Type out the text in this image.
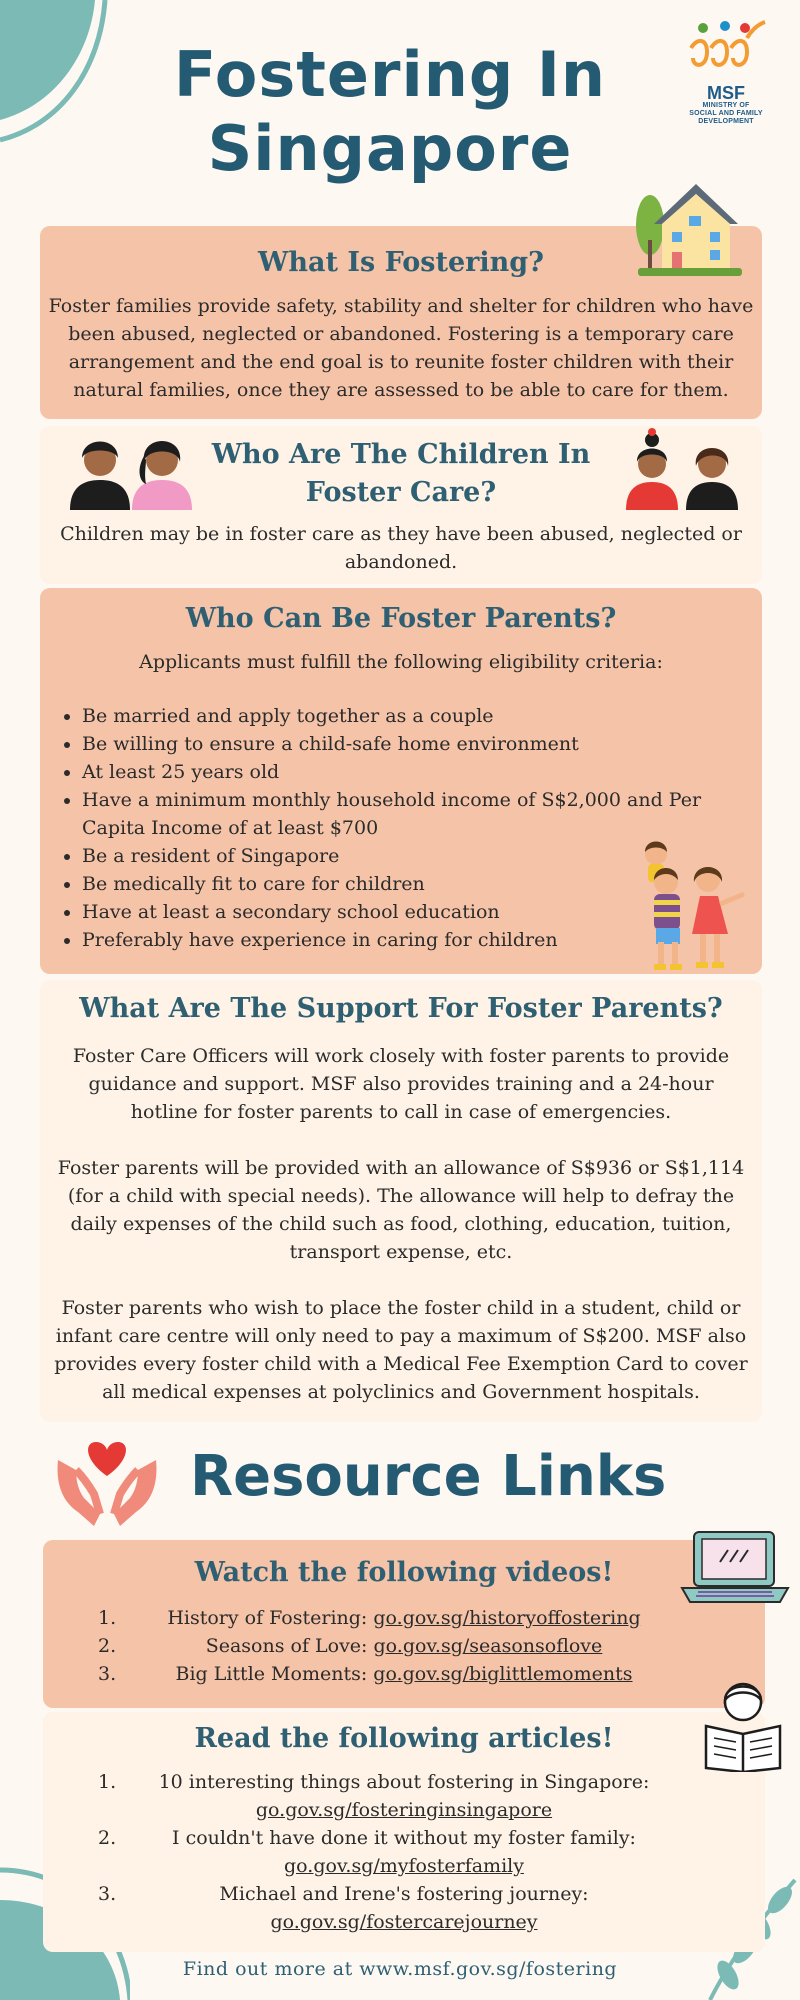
Fostering In
Singapore
MSF
MINISTRY OF
SOCIAL AND FAMILY
DEVELOPMENT
What Is Fostering?

Foster families provide safety, stability and shelter for children who have been abused, neglected or abandoned. Fostering is a temporary care arrangement and the end goal is to reunite foster children with their natural families, once they are assessed to be able to care for them.

Who Are The Children In Foster Care?

Children may be in foster care as they have been abused, neglected or abandoned.

Who Can Be Foster Parents?

Applicants must fulfill the following eligibility criteria:

• Be married and apply together as a couple
• Be willing to ensure a child-safe home environment
• At least 25 years old
• Have a minimum monthly household income of S$2,000 and Per Capita Income of at least $700
• Be a resident of Singapore
• Be medically fit to care for children
• Have at least a secondary school education
• Preferably have experience in caring for children
What Are The Support For Foster Parents?

Foster Care Officers will work closely with foster parents to provide guidance and support. MSF also provides training and a 24-hour hotline for foster parents to call in case of emergencies.

Foster parents will be provided with an allowance of S$936 or S$1,114 (for a child with special needs). The allowance will help to defray the daily expenses of the child such as food, clothing, education, tuition, transport expense, etc.

Foster parents who wish to place the foster child in a student, child or infant care centre will only need to pay a maximum of S$200. MSF also provides every foster child with a Medical Fee Exemption Card to cover all medical expenses at polyclinics and Government hospitals.

Resource Links
Watch the following videos!
1.	History of Fostering: go.gov.sg/historyoffostering
2.	Seasons of Love: go.gov.sg/seasonsoflove
3.	Big Little Moments: go.gov.sg/biglittlemoments
Read the following articles!
1.	10 interesting things about fostering in Singapore:
go.gov.sg/fosteringinsingapore
2.	I couldn't have done it without my foster family:
go.gov.sg/myfosterfamily
3.	Michael and Irene's fostering journey:
go.gov.sg/fostercarejourney
Find out more at www.msf.gov.sg/fostering
